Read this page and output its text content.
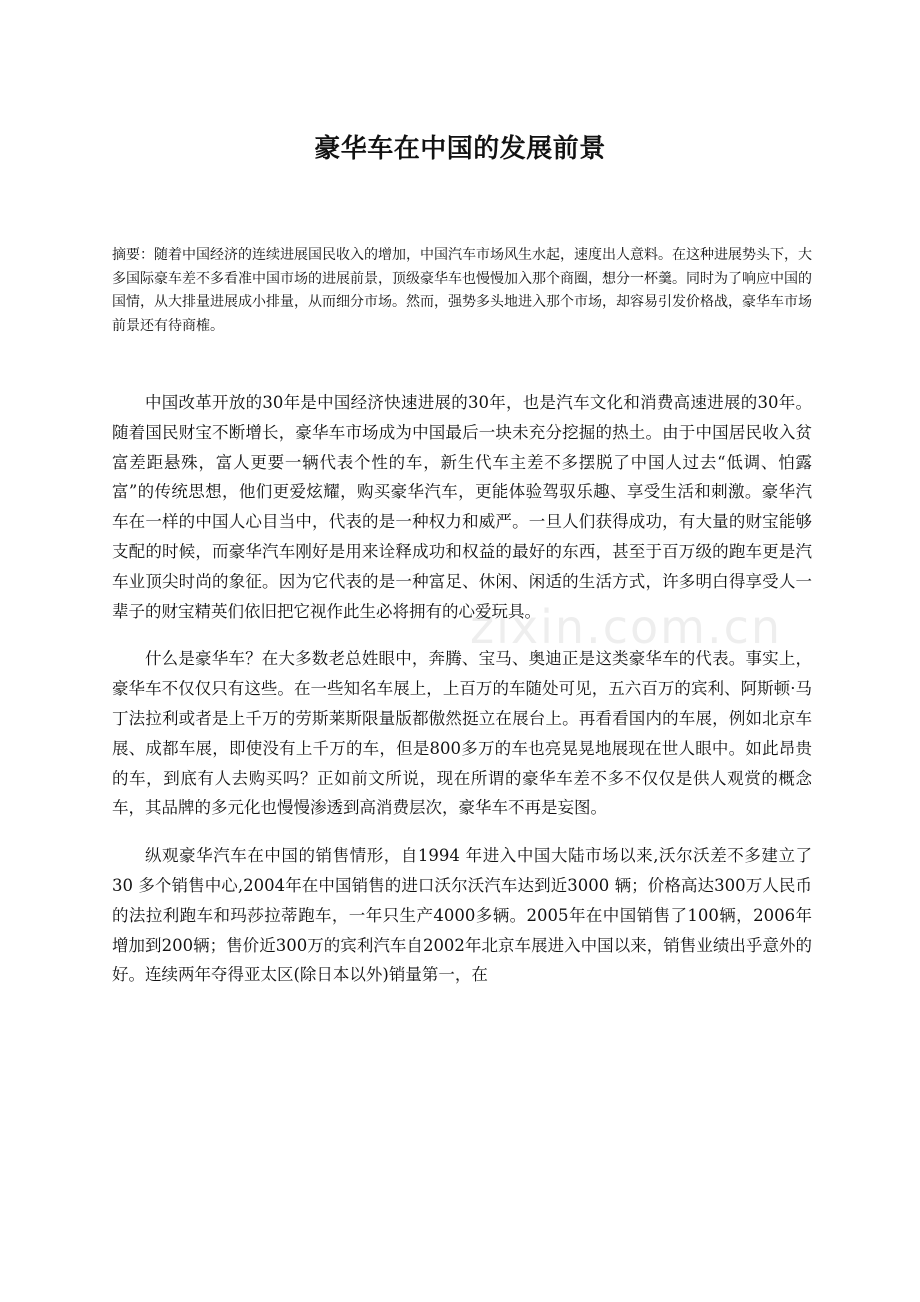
豪华车在中国的发展前景

摘要：随着中国经济的连续进展国民收入的增加，中国汽车市场风生水起，速度出人意料。在这种进展势头下，大多国际豪车差不多看准中国市场的进展前景，顶级豪华车也慢慢加入那个商圈，想分一杯羹。同时为了响应中国的国情，从大排量进展成小排量，从而细分市场。然而，强势多头地进入那个市场，却容易引发价格战，豪华车市场前景还有待商榷。

中国改革开放的30年是中国经济快速进展的30年，也是汽车文化和消费高速进展的30年。随着国民财宝不断增长，豪华车市场成为中国最后一块未充分挖掘的热土。由于中国居民收入贫富差距悬殊，富人更要一辆代表个性的车，新生代车主差不多摆脱了中国人过去“低调、怕露富”的传统思想，他们更爱炫耀，购买豪华汽车，更能体验驾驭乐趣、享受生活和刺激。豪华汽车在一样的中国人心目当中，代表的是一种权力和威严。一旦人们获得成功，有大量的财宝能够支配的时候，而豪华汽车刚好是用来诠释成功和权益的最好的东西，甚至于百万级的跑车更是汽车业顶尖时尚的象征。因为它代表的是一种富足、休闲、闲适的生活方式，许多明白得享受人一辈子的财宝精英们依旧把它视作此生必将拥有的心爱玩具。

什么是豪华车？在大多数老总姓眼中，奔腾、宝马、奥迪正是这类豪华车的代表。事实上，豪华车不仅仅只有这些。在一些知名车展上，上百万的车随处可见，五六百万的宾利、阿斯顿·马丁法拉利或者是上千万的劳斯莱斯限量版都傲然挺立在展台上。再看看国内的车展，例如北京车展、成都车展，即使没有上千万的车，但是800多万的车也亮晃晃地展现在世人眼中。如此昂贵的车，到底有人去购买吗？正如前文所说，现在所谓的豪华车差不多不仅仅是供人观赏的概念车，其品牌的多元化也慢慢渗透到高消费层次，豪华车不再是妄图。

纵观豪华汽车在中国的销售情形，自1994 年进入中国大陆市场以来,沃尔沃差不多建立了30 多个销售中心,2004年在中国销售的进口沃尔沃汽车达到近3000 辆；价格高达300万人民币的法拉利跑车和玛莎拉蒂跑车，一年只生产4000多辆。2005年在中国销售了100辆，2006年增加到200辆；售价近300万的宾利汽车自2002年北京车展进入中国以来，销售业绩出乎意外的好。连续两年夺得亚太区(除日本以外)销量第一，在

zixin.com.cn
